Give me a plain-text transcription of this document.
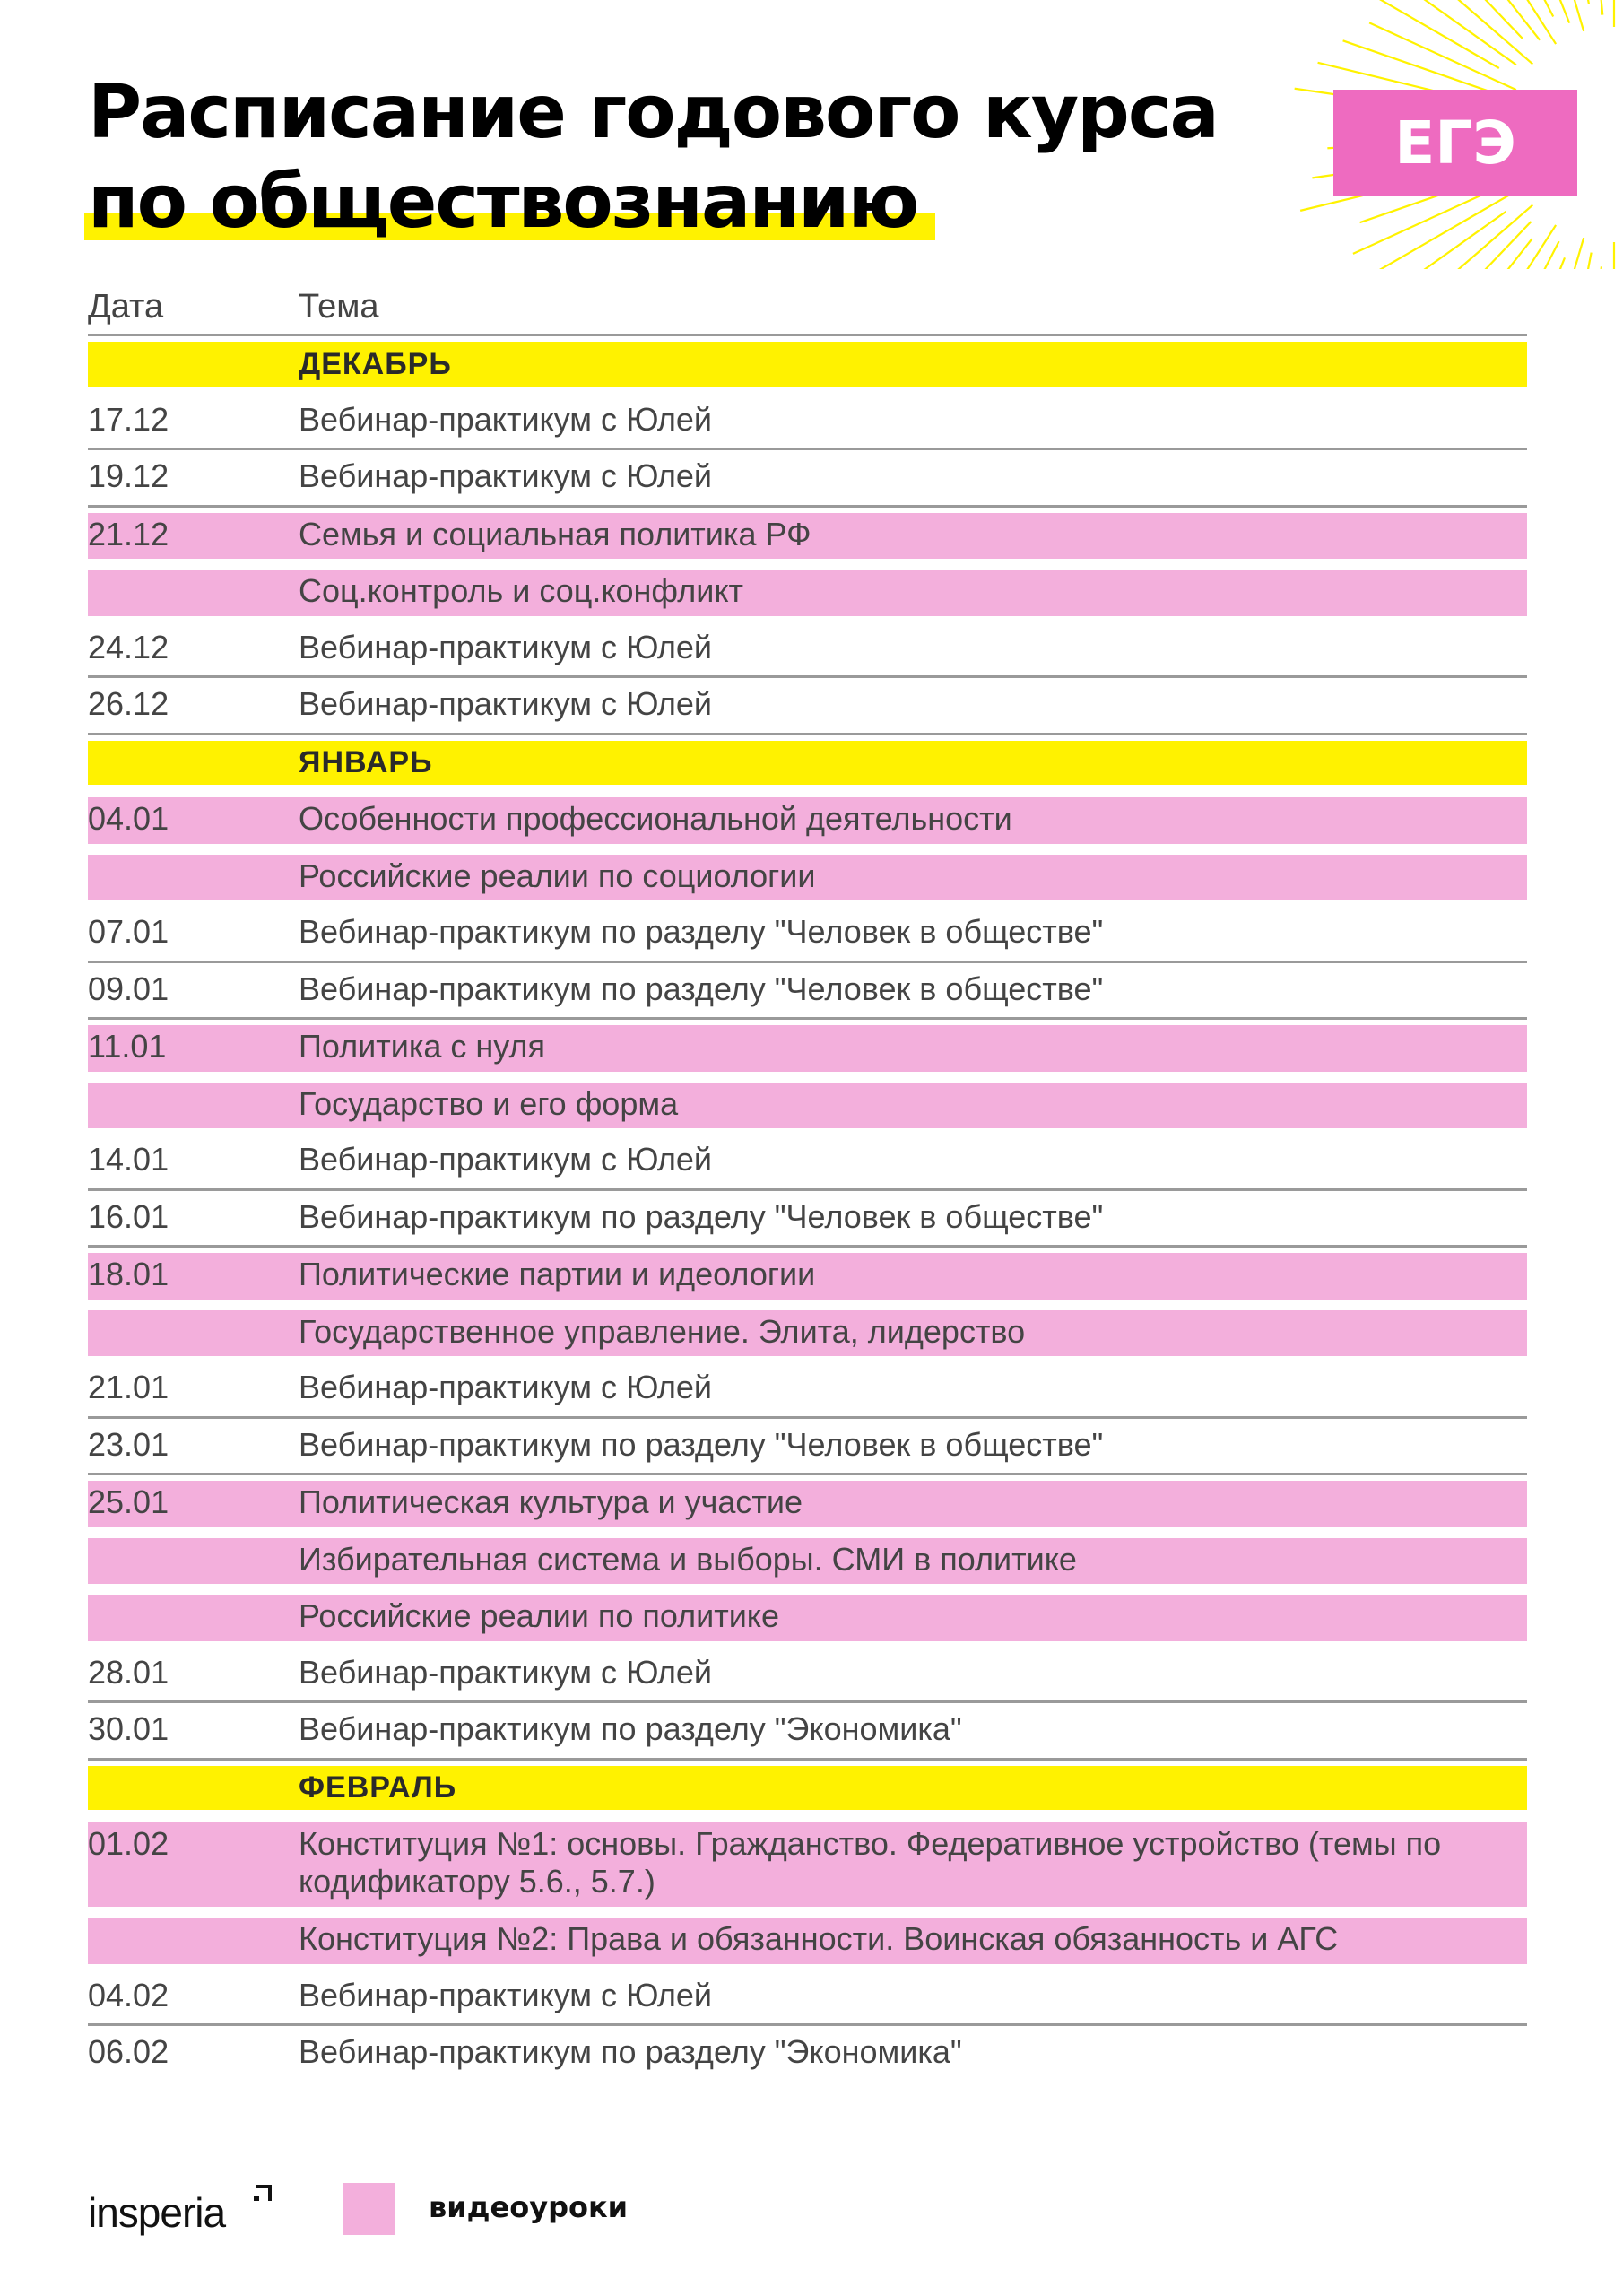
Расписание годового курса
по обществознанию
ЕГЭ
Дата	Тема
ДЕКАБРЬ
17.12	Вебинар-практикум с Юлей
19.12	Вебинар-практикум с Юлей
21.12	Семья и социальная политика РФ
Соц.контроль и соц.конфликт
24.12	Вебинар-практикум с Юлей
26.12	Вебинар-практикум с Юлей
ЯНВАРЬ
04.01	Особенности профессиональной деятельности
Российские реалии по социологии
07.01	Вебинар-практикум по разделу "Человек в обществе"
09.01	Вебинар-практикум по разделу "Человек в обществе"
11.01	Политика с нуля
Государство и его форма
14.01	Вебинар-практикум с Юлей
16.01	Вебинар-практикум по разделу "Человек в обществе"
18.01	Политические партии и идеологии
Государственное управление. Элита, лидерство
21.01	Вебинар-практикум с Юлей
23.01	Вебинар-практикум по разделу "Человек в обществе"
25.01	Политическая культура и участие
Избирательная система и выборы. СМИ в политике
Российские реалии по политике
28.01	Вебинар-практикум с Юлей
30.01	Вебинар-практикум по разделу "Экономика"
ФЕВРАЛЬ
01.02	Конституция №1: основы. Гражданство. Федеративное устройство (темы по кодификатору 5.6., 5.7.)
Конституция №2: Права и обязанности. Воинская обязанность и АГС
04.02	Вебинар-практикум с Юлей
06.02	Вебинар-практикум по разделу "Экономика"
insperia	видеоуроки
